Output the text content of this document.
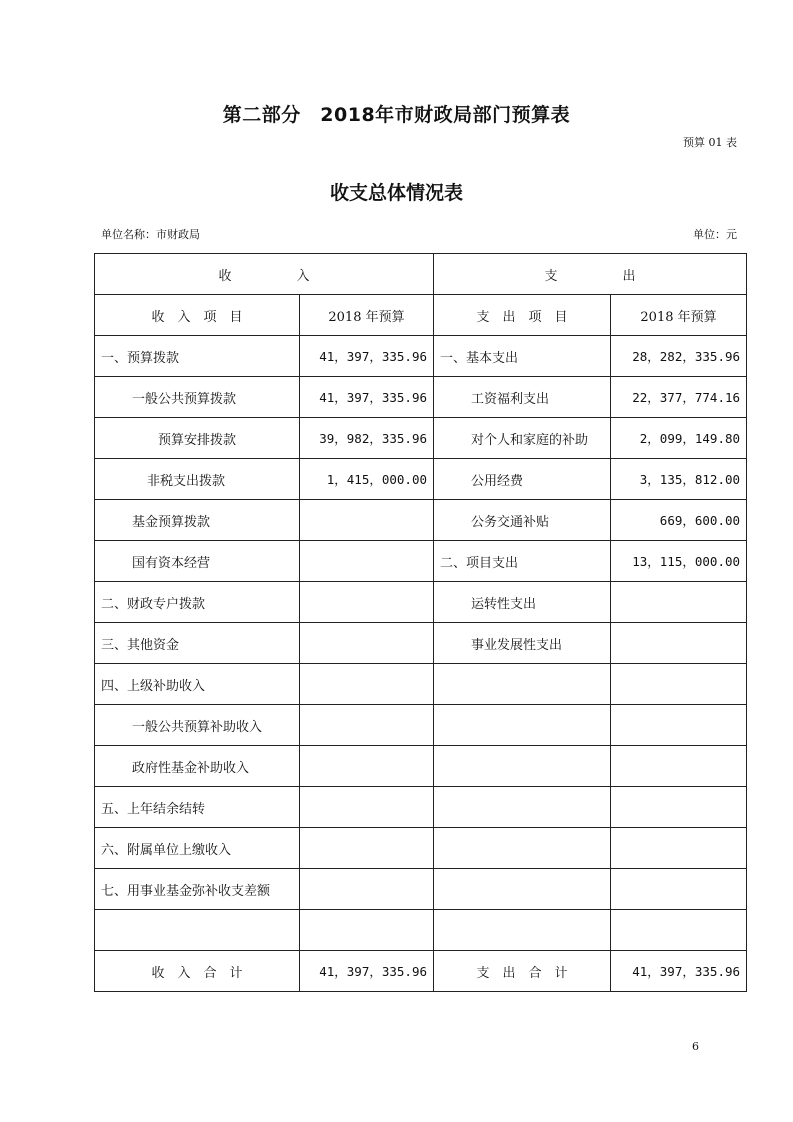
第二部分　2018年市财政局部门预算表
预算 01 表
收支总体情况表
单位名称：市财政局	单位：元
收　　　　　入		支　　　　　出	
收　入　项　目	2018 年预算	支　出　项　目	2018 年预算
一、预算拨款	41，397，335.96	一、基本支出	28，282，335.96
一般公共预算拨款	41，397，335.96	工资福利支出	22，377，774.16
预算安排拨款	39，982，335.96	对个人和家庭的补助	2，099，149.80
非税支出拨款	1，415，000.00	公用经费	3，135，812.00
基金预算拨款		公务交通补贴	669，600.00
国有资本经营		二、项目支出	13，115，000.00
二、财政专户拨款		运转性支出	
三、其他资金		事业发展性支出	
四、上级补助收入			
一般公共预算补助收入			
政府性基金补助收入			
五、上年结余结转			
六、附属单位上缴收入			
七、用事业基金弥补收支差额			

收　入　合　计	41，397，335.96	支　出　合　计	41，397，335.96
6
